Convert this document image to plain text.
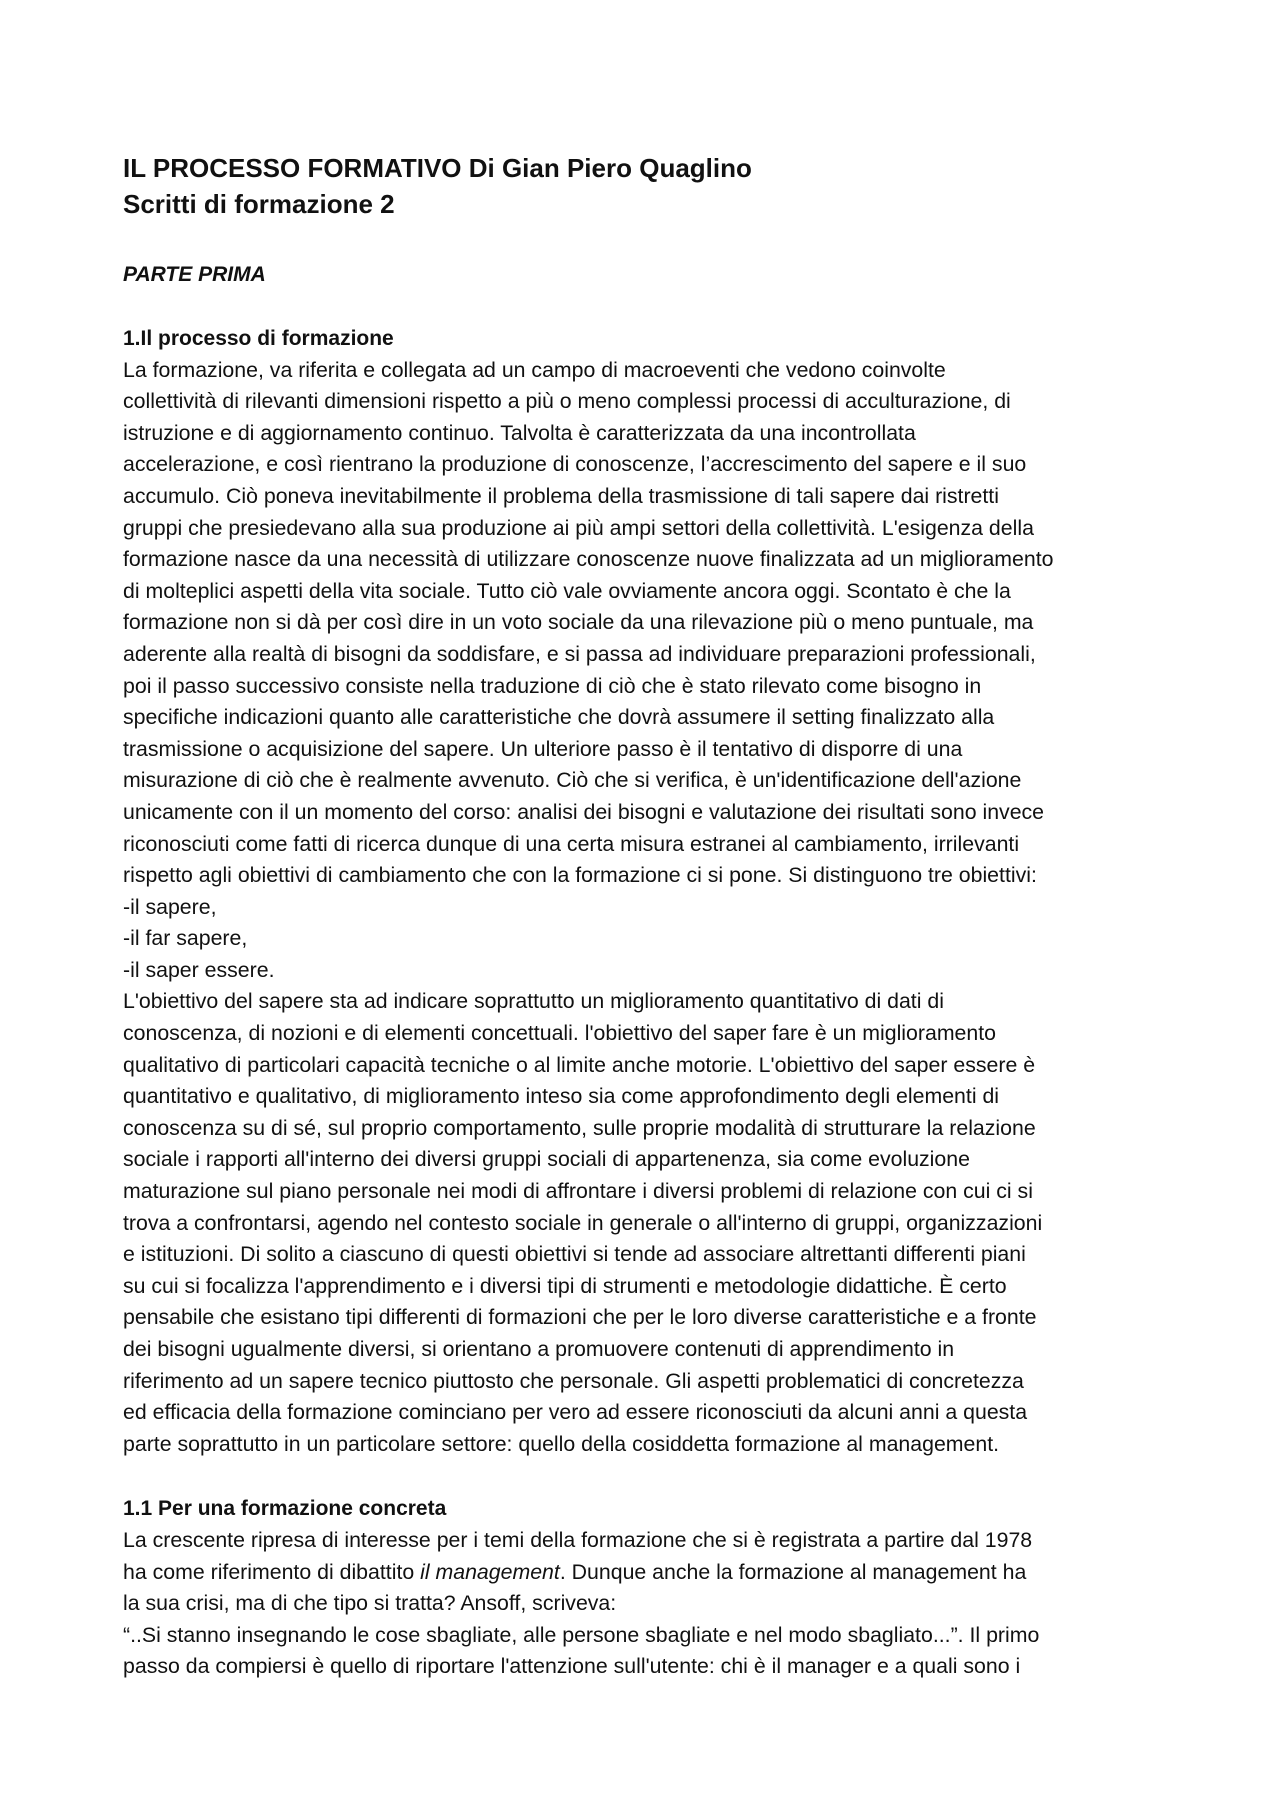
IL PROCESSO FORMATIVO Di Gian Piero Quaglino
Scritti di formazione 2
PARTE PRIMA
1.Il processo di formazione
La formazione, va riferita e collegata ad un campo di macroeventi che vedono coinvolte
collettività di rilevanti dimensioni rispetto a più o meno complessi processi di acculturazione, di
istruzione e di aggiornamento continuo. Talvolta è caratterizzata da una incontrollata
accelerazione, e così rientrano la produzione di conoscenze, l’accrescimento del sapere e il suo
accumulo. Ciò poneva inevitabilmente il problema della trasmissione di tali sapere dai ristretti
gruppi che presiedevano alla sua produzione ai più ampi settori della collettività. L'esigenza della
formazione nasce da una necessità di utilizzare conoscenze nuove finalizzata ad un miglioramento
di molteplici aspetti della vita sociale. Tutto ciò vale ovviamente ancora oggi. Scontato è che la
formazione non si dà per così dire in un voto sociale da una rilevazione più o meno puntuale, ma
aderente alla realtà di bisogni da soddisfare, e si passa ad individuare preparazioni professionali,
poi il passo successivo consiste nella traduzione di ciò che è stato rilevato come bisogno in
specifiche indicazioni quanto alle caratteristiche che dovrà assumere il setting finalizzato alla
trasmissione o acquisizione del sapere. Un ulteriore passo è il tentativo di disporre di una
misurazione di ciò che è realmente avvenuto. Ciò che si verifica, è un'identificazione dell'azione
unicamente con il un momento del corso: analisi dei bisogni e valutazione dei risultati sono invece
riconosciuti come fatti di ricerca dunque di una certa misura estranei al cambiamento, irrilevanti
rispetto agli obiettivi di cambiamento che con la formazione ci si pone. Si distinguono tre obiettivi:
-il sapere,
-il far sapere,
-il saper essere.
L'obiettivo del sapere sta ad indicare soprattutto un miglioramento quantitativo di dati di
conoscenza, di nozioni e di elementi concettuali. l'obiettivo del saper fare è un miglioramento
qualitativo di particolari capacità tecniche o al limite anche motorie. L'obiettivo del saper essere è
quantitativo e qualitativo, di miglioramento inteso sia come approfondimento degli elementi di
conoscenza su di sé, sul proprio comportamento, sulle proprie modalità di strutturare la relazione
sociale i rapporti all'interno dei diversi gruppi sociali di appartenenza, sia come evoluzione
maturazione sul piano personale nei modi di affrontare i diversi problemi di relazione con cui ci si
trova a confrontarsi, agendo nel contesto sociale in generale o all'interno di gruppi, organizzazioni
e istituzioni. Di solito a ciascuno di questi obiettivi si tende ad associare altrettanti differenti piani
su cui si focalizza l'apprendimento e i diversi tipi di strumenti e metodologie didattiche. È certo
pensabile che esistano tipi differenti di formazioni che per le loro diverse caratteristiche e a fronte
dei bisogni ugualmente diversi, si orientano a promuovere contenuti di apprendimento in
riferimento ad un sapere tecnico piuttosto che personale. Gli aspetti problematici di concretezza
ed efficacia della formazione cominciano per vero ad essere riconosciuti da alcuni anni a questa
parte soprattutto in un particolare settore: quello della cosiddetta formazione al management.
1.1 Per una formazione concreta
La crescente ripresa di interesse per i temi della formazione che si è registrata a partire dal 1978
ha come riferimento di dibattito il management. Dunque anche la formazione al management ha
la sua crisi, ma di che tipo si tratta? Ansoff, scriveva:
“..Si stanno insegnando le cose sbagliate, alle persone sbagliate e nel modo sbagliato...”. Il primo
passo da compiersi è quello di riportare l'attenzione sull'utente: chi è il manager e a quali sono i
